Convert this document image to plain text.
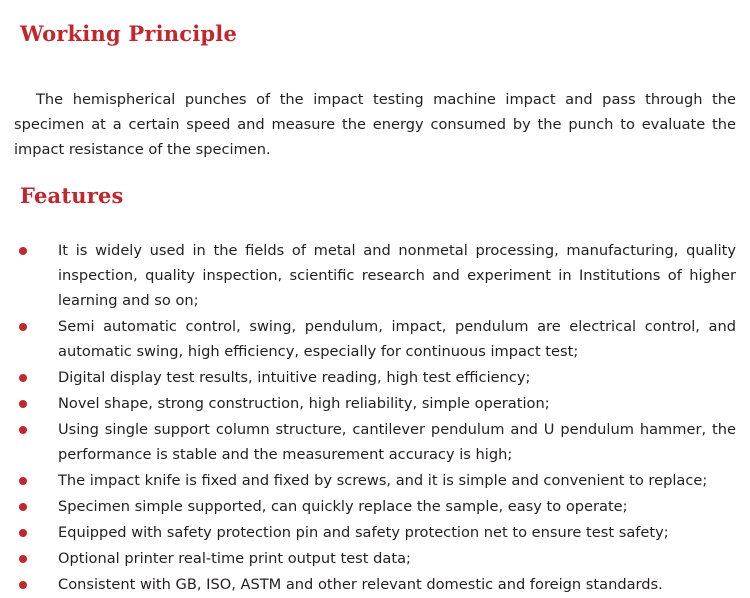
Working Principle

The hemispherical punches of the impact testing machine impact and pass through the specimen at a certain speed and measure the energy consumed by the punch to evaluate the impact resistance of the specimen.

Features
It is widely used in the fields of metal and nonmetal processing, manufacturing, quality inspection, quality inspection, scientific research and experiment in Institutions of higher learning and so on;
Semi automatic control, swing, pendulum, impact, pendulum are electrical control, and automatic swing, high efficiency, especially for continuous impact test;
Digital display test results, intuitive reading, high test efficiency;
Novel shape, strong construction, high reliability, simple operation;
Using single support column structure, cantilever pendulum and U pendulum hammer, the performance is stable and the measurement accuracy is high;
The impact knife is fixed and fixed by screws, and it is simple and convenient to replace;
Specimen simple supported, can quickly replace the sample, easy to operate;
Equipped with safety protection pin and safety protection net to ensure test safety;
Optional printer real-time print output test data;
Consistent with GB, ISO, ASTM and other relevant domestic and foreign standards.
